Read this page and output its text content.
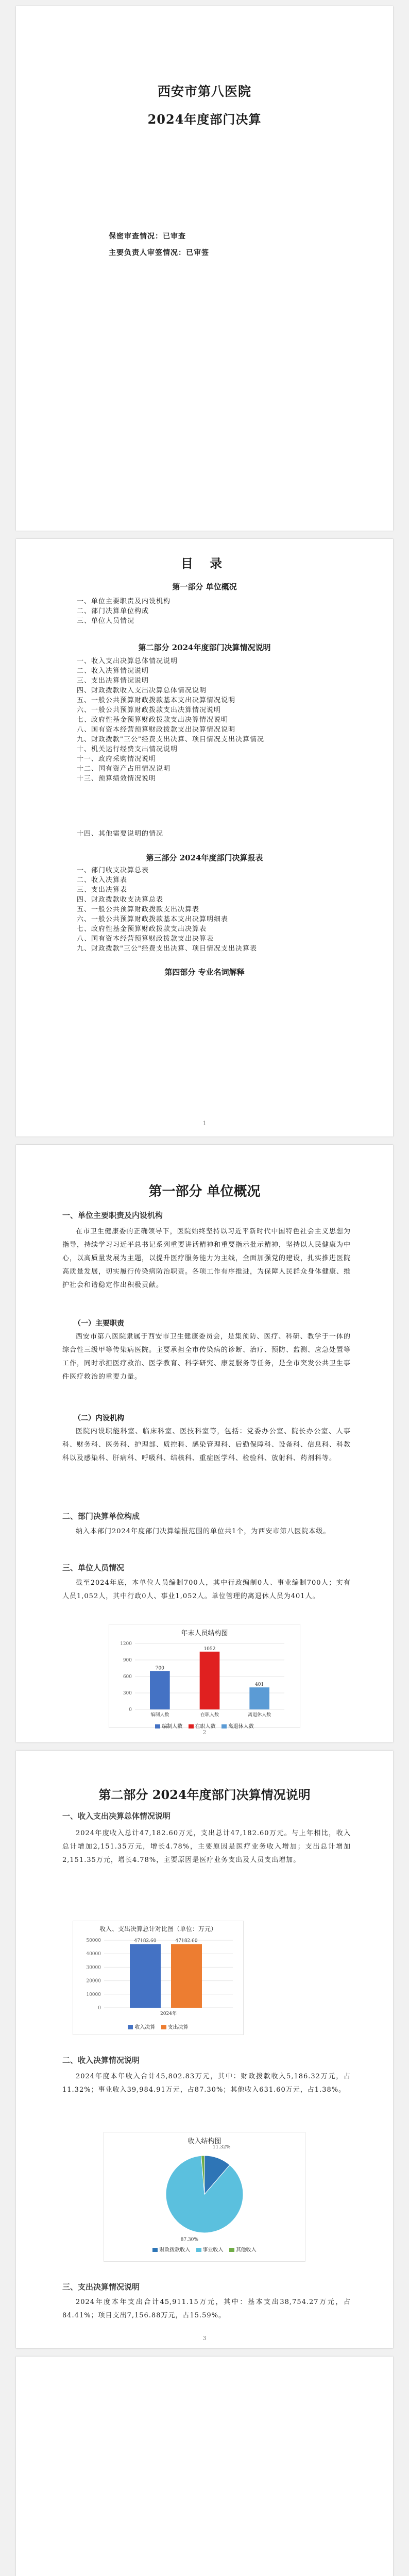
西安市第八医院
2024年度部门决算
保密审查情况：已审查
主要负责人审签情况：已审签
目 录
第一部分 单位概况
一、单位主要职责及内设机构
二、部门决算单位构成
三、单位人员情况
第二部分 2024年度部门决算情况说明
一、收入支出决算总体情况说明
二、收入决算情况说明
三、支出决算情况说明
四、财政拨款收入支出决算总体情况说明
五、一般公共预算财政拨款基本支出决算情况说明
六、一般公共预算财政拨款支出决算情况说明
七、政府性基金预算财政拨款支出决算情况说明
八、国有资本经营预算财政拨款支出决算情况说明
九、财政拨款"三公"经费支出决算、项目情况支出决算情况
十、机关运行经费支出情况说明
十一、政府采购情况说明
十二、国有资产占用情况说明
十三、预算绩效情况说明
十四、其他需要说明的情况
第三部分 2024年度部门决算报表
一、部门收支决算总表
二、收入决算表
三、支出决算表
四、财政拨款收支决算总表
五、一般公共预算财政拨款支出决算表
六、一般公共预算财政拨款基本支出决算明细表
七、政府性基金预算财政拨款支出决算表
八、国有资本经营预算财政拨款支出决算表
九、财政拨款"三公"经费支出决算、项目情况支出决算表
第四部分 专业名词解释
1
第一部分 单位概况
一、单位主要职责及内设机构
在市卫生健康委的正确领导下，医院始终坚持以习近平新时代中国特色社会主义思想为指导，持续学习习近平总书记系列重要讲话精神和重要指示批示精神，坚持以人民健康为中心，以高质量发展为主题，以提升医疗服务能力为主线，全面加强党的建设，扎实推进医院高质量发展，切实履行传染病防治职责。各项工作有序推进，为保障人民群众身体健康、维护社会和谐稳定作出积极贡献。
（一）主要职责
西安市第八医院隶属于西安市卫生健康委员会，是集预防、医疗、科研、教学于一体的综合性三级甲等传染病医院。主要承担全市传染病的诊断、治疗、预防、监测、应急处置等工作，同时承担医疗救治、医学教育、科学研究、康复服务等任务，是全市突发公共卫生事件医疗救治的重要力量。
（二）内设机构
医院内设职能科室、临床科室、医技科室等，包括：党委办公室、院长办公室、人事科、财务科、医务科、护理部、质控科、感染管理科、后勤保障科、设备科、信息科、科教科以及感染科、肝病科、呼吸科、结核科、重症医学科、检验科、放射科、药剂科等。
二、部门决算单位构成
纳入本部门2024年度部门决算编报范围的单位共1个，为西安市第八医院本级。
三、单位人员情况
截至2024年底，本单位人员编制700人，其中行政编制0人、事业编制700人；实有人员1,052人，其中行政0人、事业1,052人。单位管理的离退休人员为401人。
年末人员结构图
0
300
600
900
1200
700
编制人数
1052
在职人数
401
离退休人数
编制人数 在职人数 离退休人数
2
第二部分 2024年度部门决算情况说明
一、收入支出决算总体情况说明
2024年度收入总计47,182.60万元，支出总计47,182.60万元。与上年相比，收入总计增加2,151.35万元，增长4.78%，主要原因是医疗业务收入增加；支出总计增加2,151.35万元，增长4.78%，主要原因是医疗业务支出及人员支出增加。
收入、支出决算总计对比图（单位：万元）
0
10000
20000
30000
40000
50000	47182.60	47182.60
2024年
收入决算 支出决算
二、收入决算情况说明
2024年度本年收入合计45,802.83万元，其中：财政拨款收入5,186.32万元，占11.32%；事业收入39,984.91万元，占87.30%；其他收入631.60万元，占1.38%。
收入结构图
11.32%
87.30%
财政拨款收入 事业收入 其他收入
三、支出决算情况说明
2024年度本年支出合计45,911.15万元，其中：基本支出38,754.27万元，占84.41%；项目支出7,156.88万元，占15.59%。
3
